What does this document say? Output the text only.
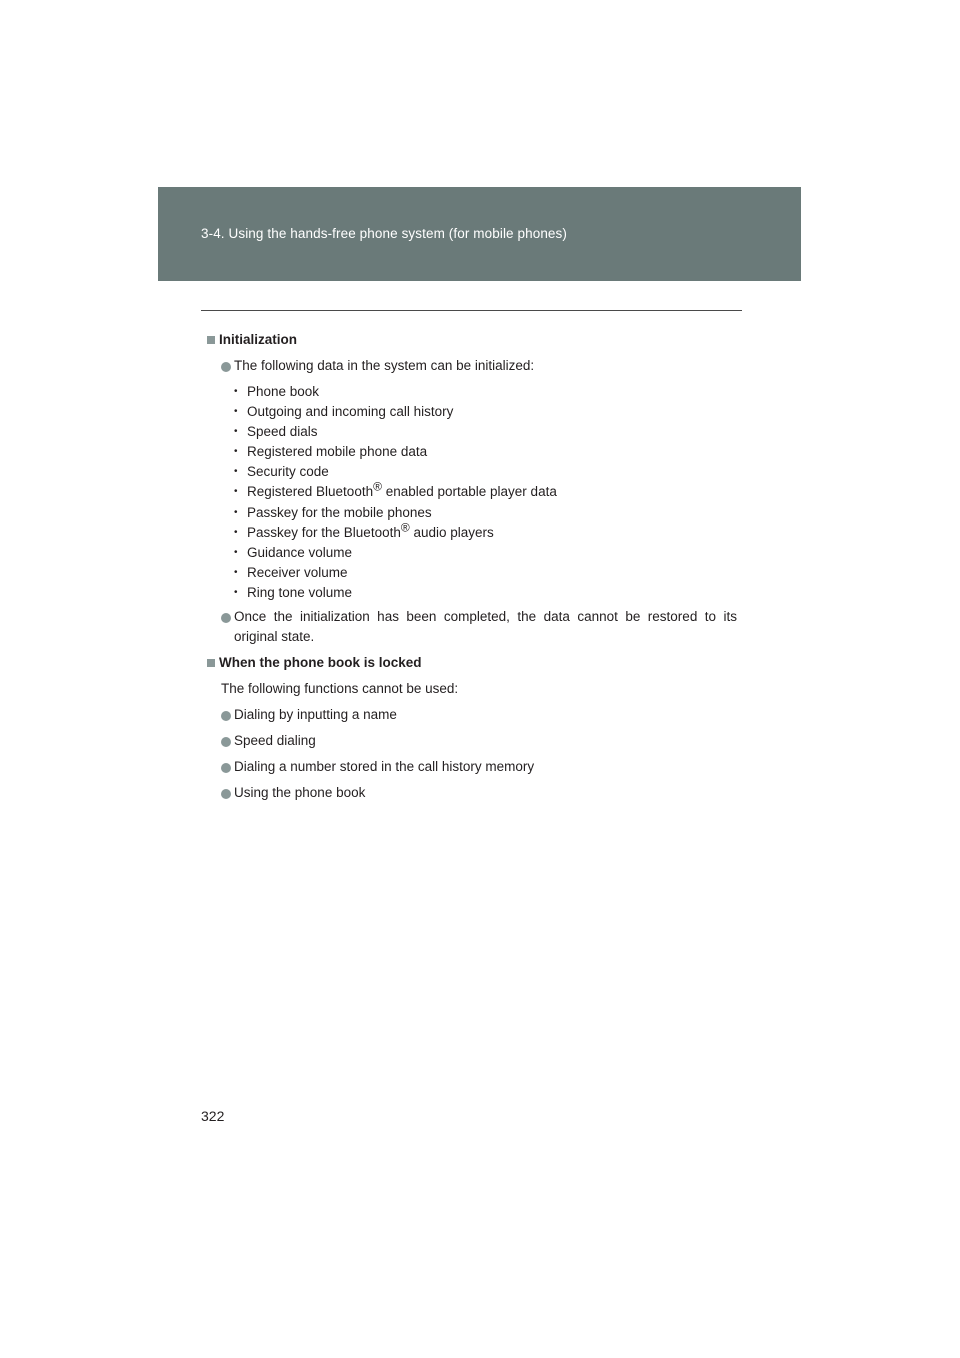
3-4. Using the hands-free phone system (for mobile phones)
Initialization
The following data in the system can be initialized:
• Phone book
• Outgoing and incoming call history
• Speed dials
• Registered mobile phone data
• Security code
• Registered Bluetooth® enabled portable player data
• Passkey for the mobile phones
• Passkey for the Bluetooth® audio players
• Guidance volume
• Receiver volume
• Ring tone volume
Once the initialization has been completed, the data cannot be restored to its original state.
When the phone book is locked
The following functions cannot be used:
Dialing by inputting a name
Speed dialing
Dialing a number stored in the call history memory
Using the phone book
322
